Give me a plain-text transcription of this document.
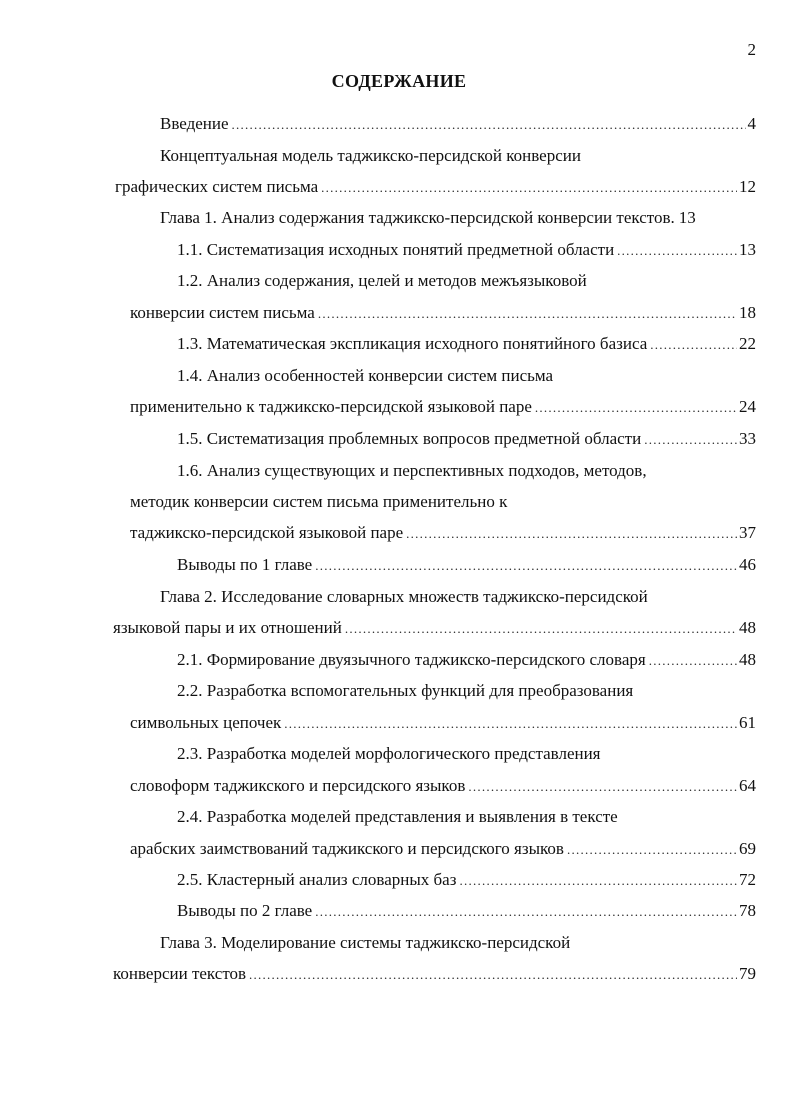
2
СОДЕРЖАНИЕ
Введение . . .	4
Концептуальная модель таджикско-персидской конверсии
графических систем письма . . .	12
Глава 1. Анализ содержания таджикско-персидской конверсии текстов. 13
1.1. Систематизация исходных понятий предметной области . . .	13
1.2. Анализ содержания, целей и методов межъязыковой
конверсии систем письма . . .	18
1.3. Математическая экспликация исходного понятийного базиса . . .	22
1.4. Анализ особенностей конверсии систем письма
применительно к таджикско-персидской языковой паре . . .	24
1.5. Систематизация проблемных вопросов предметной области . . .	33
1.6. Анализ существующих и перспективных подходов, методов,
методик конверсии систем письма применительно к
таджикско-персидской языковой паре . . .	37
Выводы по 1 главе . . .	46
Глава 2. Исследование словарных множеств таджикско-персидской
языковой пары и их отношений . . .	48
2.1. Формирование двуязычного таджикско-персидского словаря . . .	48
2.2. Разработка вспомогательных функций для преобразования
символьных цепочек . . .	61
2.3. Разработка моделей морфологического представления
словоформ таджикского и персидского языков . . .	64
2.4. Разработка моделей представления и выявления в тексте
арабских заимствований таджикского и персидского языков . . .	69
2.5. Кластерный анализ словарных баз . . .	72
Выводы по 2 главе . . .	78
Глава 3. Моделирование системы таджикско-персидской
конверсии текстов . . .	79
